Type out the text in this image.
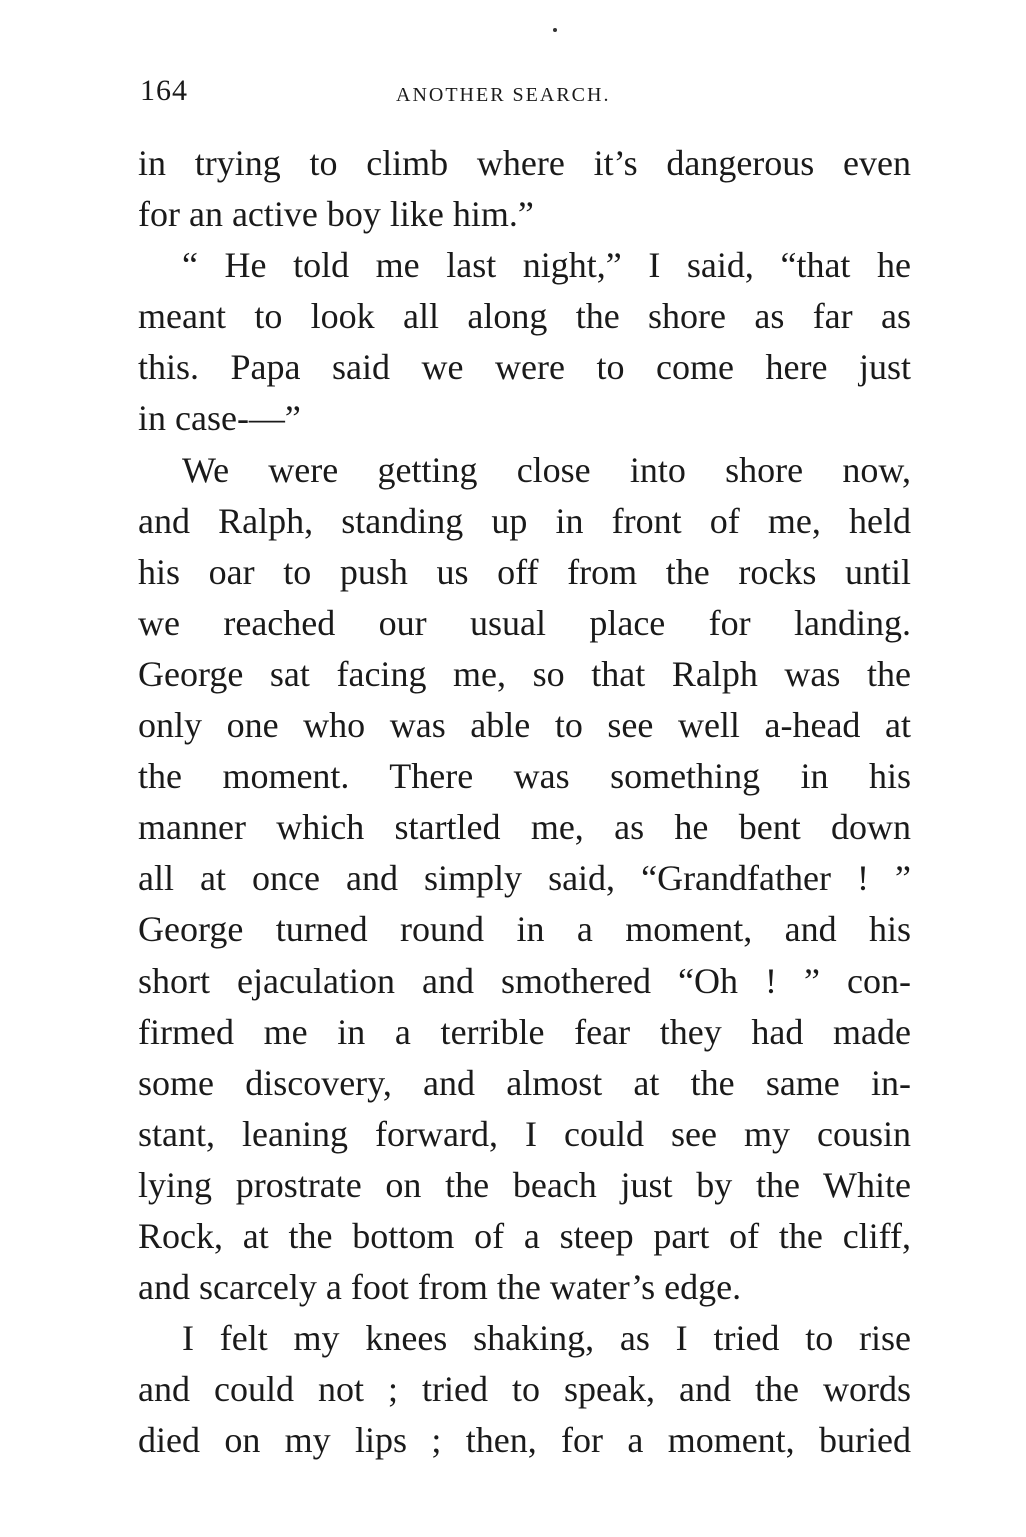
164	ANOTHER SEARCH.
in trying to climb where it’s dangerous even
for an active boy like him.”
“ He told me last night,” I said, “that he
meant to look all along the shore as far as
this. Papa said we were to come here just
in case-—”
We were getting close into shore now,
and Ralph, standing up in front of me, held
his oar to push us off from the rocks until
we reached our usual place for landing.
George sat facing me, so that Ralph was the
only one who was able to see well a-head at
the moment. There was something in his
manner which startled me, as he bent down
all at once and simply said, “Grandfather ! ”
George turned round in a moment, and his
short ejaculation and smothered “Oh ! ” con-
firmed me in a terrible fear they had made
some discovery, and almost at the same in-
stant, leaning forward, I could see my cousin
lying prostrate on the beach just by the White
Rock, at the bottom of a steep part of the cliff,
and scarcely a foot from the water’s edge.
I felt my knees shaking, as I tried to rise
and could not ; tried to speak, and the words
died on my lips ; then, for a moment, buried
